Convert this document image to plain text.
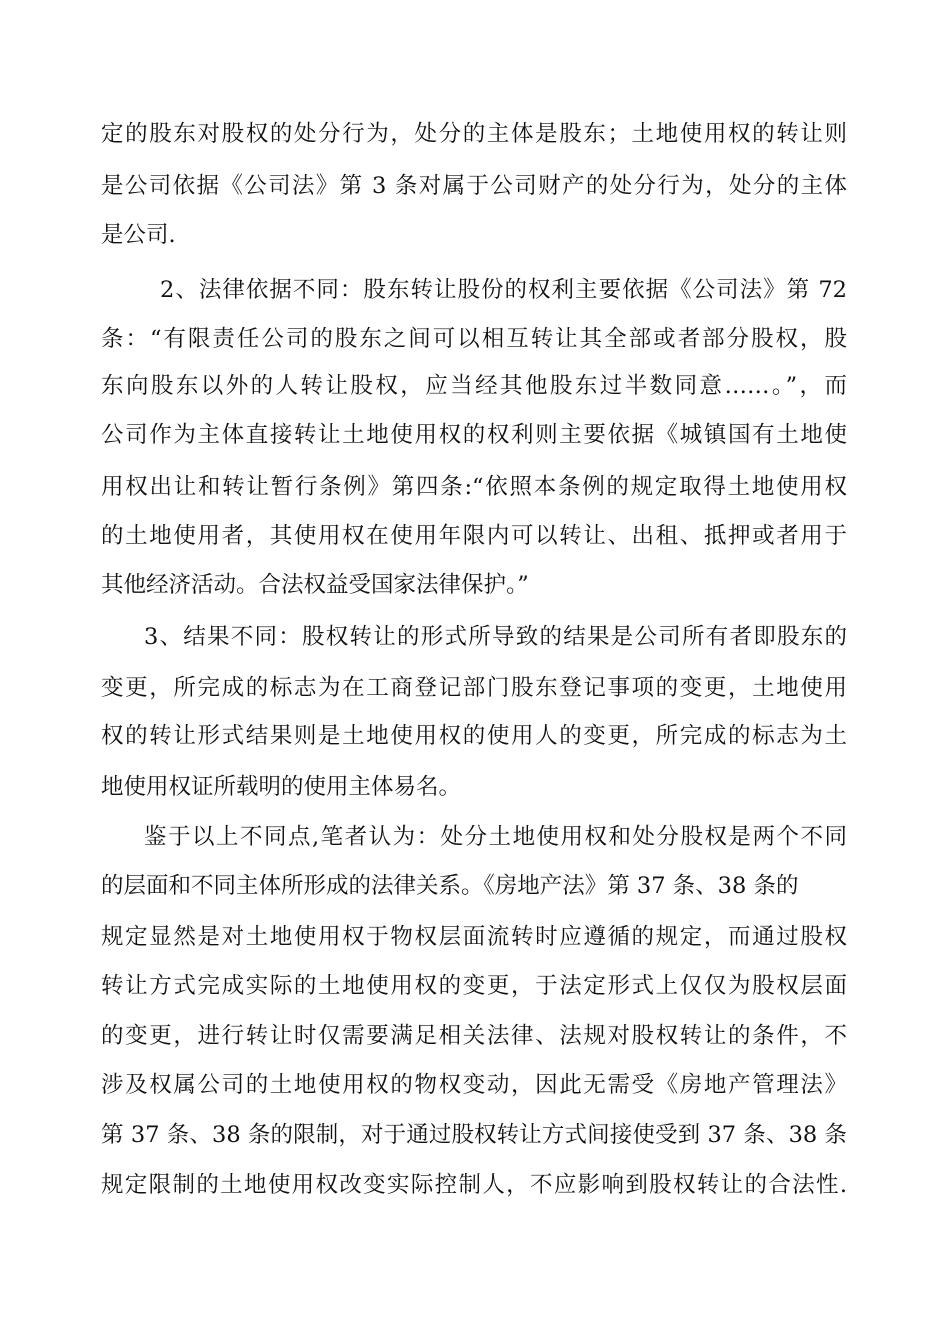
定的股东对股权的处分行为，处分的主体是股东；土地使用权的转让则
是公司依据《公司法》第 3 条对属于公司财产的处分行为，处分的主体
是公司.
2、法律依据不同：股东转让股份的权利主要依据《公司法》第 72
条：“有限责任公司的股东之间可以相互转让其全部或者部分股权，股
东向股东以外的人转让股权，应当经其他股东过半数同意……。”，而
公司作为主体直接转让土地使用权的权利则主要依据《城镇国有土地使
用权出让和转让暂行条例》第四条:“依照本条例的规定取得土地使用权
的土地使用者，其使用权在使用年限内可以转让、出租、抵押或者用于
其他经济活动。合法权益受国家法律保护。”
3、结果不同：股权转让的形式所导致的结果是公司所有者即股东的
变更，所完成的标志为在工商登记部门股东登记事项的变更，土地使用
权的转让形式结果则是土地使用权的使用人的变更，所完成的标志为土
地使用权证所载明的使用主体易名。
鉴于以上不同点,笔者认为：处分土地使用权和处分股权是两个不同
的层面和不同主体所形成的法律关系。《房地产法》第 37 条、38 条的
规定显然是对土地使用权于物权层面流转时应遵循的规定，而通过股权
转让方式完成实际的土地使用权的变更，于法定形式上仅仅为股权层面
的变更，进行转让时仅需要满足相关法律、法规对股权转让的条件，不
涉及权属公司的土地使用权的物权变动，因此无需受《房地产管理法》
第 37 条、38 条的限制，对于通过股权转让方式间接使受到 37 条、38 条
规定限制的土地使用权改变实际控制人，不应影响到股权转让的合法性.
